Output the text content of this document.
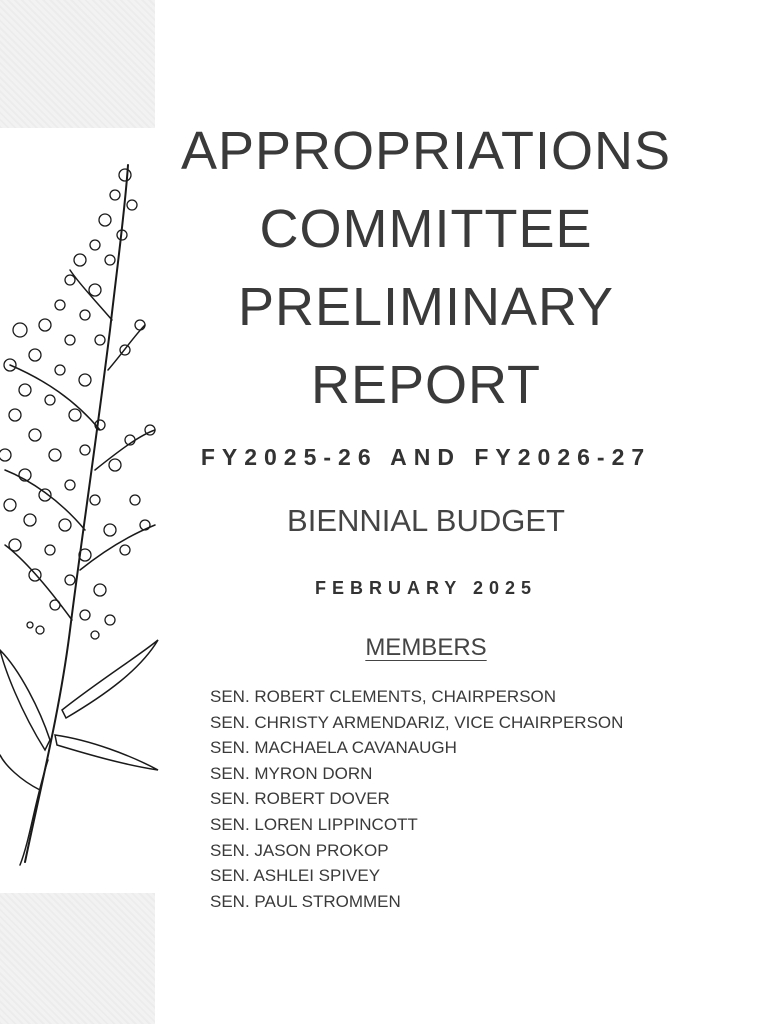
APPROPRIATIONS
COMMITTEE
PRELIMINARY
REPORT
FY2025-26 AND FY2026-27
BIENNIAL BUDGET
FEBRUARY 2025
MEMBERS
SEN. ROBERT CLEMENTS, CHAIRPERSON
SEN. CHRISTY ARMENDARIZ, VICE CHAIRPERSON
SEN. MACHAELA CAVANAUGH
SEN. MYRON DORN
SEN. ROBERT DOVER
SEN. LOREN LIPPINCOTT
SEN. JASON PROKOP
SEN. ASHLEI SPIVEY
SEN. PAUL STROMMEN
